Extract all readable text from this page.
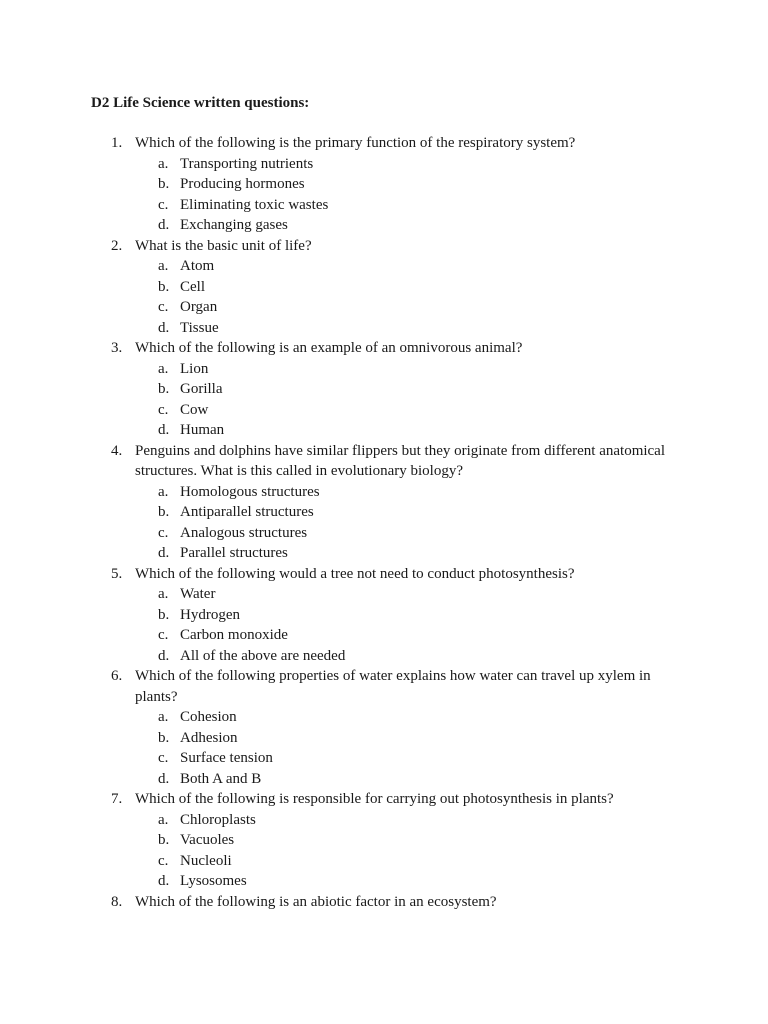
D2 Life Science written questions:
1. Which of the following is the primary function of the respiratory system?
a. Transporting nutrients
b. Producing hormones
c. Eliminating toxic wastes
d. Exchanging gases
2. What is the basic unit of life?
a. Atom
b. Cell
c. Organ
d. Tissue
3. Which of the following is an example of an omnivorous animal?
a. Lion
b. Gorilla
c. Cow
d. Human
4. Penguins and dolphins have similar flippers but they originate from different anatomical structures. What is this called in evolutionary biology?
a. Homologous structures
b. Antiparallel structures
c. Analogous structures
d. Parallel structures
5. Which of the following would a tree not need to conduct photosynthesis?
a. Water
b. Hydrogen
c. Carbon monoxide
d. All of the above are needed
6. Which of the following properties of water explains how water can travel up xylem in plants?
a. Cohesion
b. Adhesion
c. Surface tension
d. Both A and B
7. Which of the following is responsible for carrying out photosynthesis in plants?
a. Chloroplasts
b. Vacuoles
c. Nucleoli
d. Lysosomes
8. Which of the following is an abiotic factor in an ecosystem?
